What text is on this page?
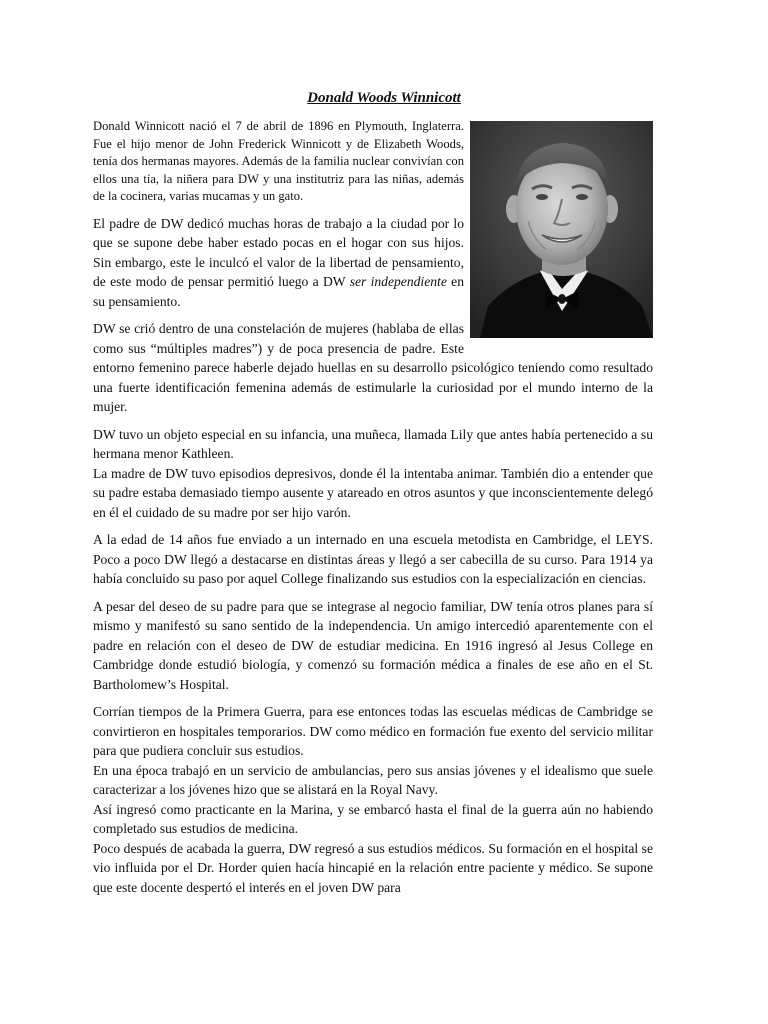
Donald Woods Winnicott

Donald Winnicott nació el 7 de abril de 1896 en Plymouth, Inglaterra. Fue el hijo menor de John Frederick Winnicott y de Elizabeth Woods, tenía dos hermanas mayores. Además de la familia nuclear convivían con ellos una tía, la niñera para DW y una institutriz para las niñas, además de la cocinera, varias mucamas y un gato.

El padre de DW dedicó muchas horas de trabajo a la ciudad por lo que se supone debe haber estado pocas en el hogar con sus hijos. Sin embargo, este le inculcó el valor de la libertad de pensamiento, de este modo de pensar permitió luego a DW ser independiente en su pensamiento.

DW se crió dentro de una constelación de mujeres (hablaba de ellas como sus “múltiples madres”) y de poca presencia de padre. Este entorno femenino parece haberle dejado huellas en su desarrollo psicológico teniendo como resultado una fuerte identificación femenina además de estimularle la curiosidad por el mundo interno de la mujer.

DW tuvo un objeto especial en su infancia, una muñeca, llamada Lily que antes había pertenecido a su hermana menor Kathleen.

La madre de DW tuvo episodios depresivos, donde él la intentaba animar. También dio a entender que su padre estaba demasiado tiempo ausente y atareado en otros asuntos y que inconscientemente delegó en él el cuidado de su madre por ser hijo varón.

A la edad de 14 años fue enviado a un internado en una escuela metodista en Cambridge, el LEYS. Poco a poco DW llegó a destacarse en distintas áreas y llegó a ser cabecilla de su curso. Para 1914 ya había concluido su paso por aquel College finalizando sus estudios con la especialización en ciencias.

A pesar del deseo de su padre para que se integrase al negocio familiar, DW tenía otros planes para sí mismo y manifestó su sano sentido de la independencia. Un amigo intercedió aparentemente con el padre en relación con el deseo de DW de estudiar medicina. En 1916 ingresó al Jesus College en Cambridge donde estudió biología, y comenzó su formación médica a finales de ese año en el St. Bartholomew’s Hospital.

Corrían tiempos de la Primera Guerra, para ese entonces todas las escuelas médicas de Cambridge se convirtieron en hospitales temporarios. DW como médico en formación fue exento del servicio militar para que pudiera concluir sus estudios.

En una época trabajó en un servicio de ambulancias, pero sus ansias jóvenes y el idealismo que suele caracterizar a los jóvenes hizo que se alistará en la Royal Navy.

Así ingresó como practicante en la Marina, y se embarcó hasta el final de la guerra aún no habiendo completado sus estudios de medicina.

Poco después de acabada la guerra, DW regresó a sus estudios médicos. Su formación en el hospital se vio influida por el Dr. Horder quien hacía hincapié en la relación entre paciente y médico. Se supone que este docente despertó el interés en el joven DW para
